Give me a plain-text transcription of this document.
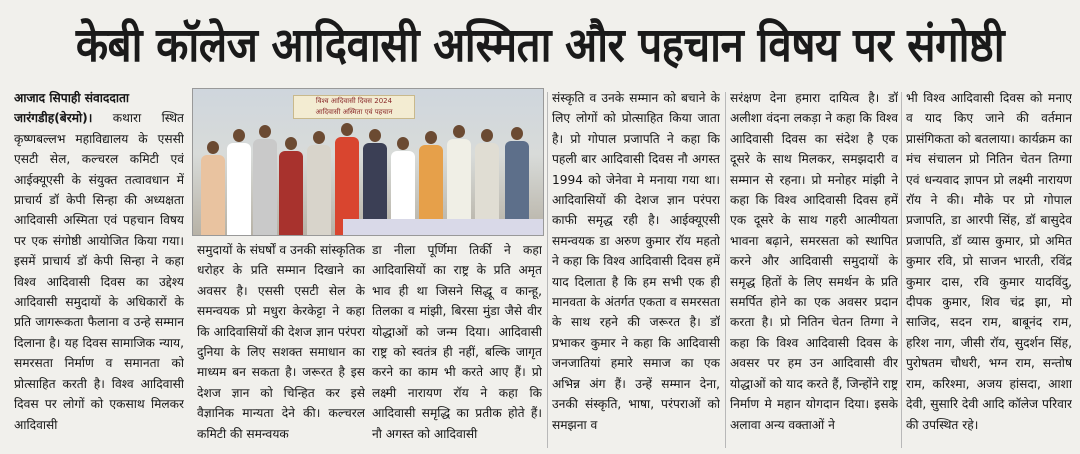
केबी कॉलेज आदिवासी अस्मिता और पहचान विषय पर संगोष्ठी

आजाद सिपाही संवाददाता
जारंगडीह(बेरमो)। कथारा स्थित कृष्णबल्लभ महाविद्यालय के एससी एसटी सेल, कल्चरल कमिटी एवं आईक्यूएसी के संयुक्त तत्वावधान में प्राचार्य डॉ केपी सिन्हा की अध्यक्षता आदिवासी अस्मिता एवं पहचान विषय पर एक संगोष्ठी आयोजित किया गया। इसमें प्राचार्य डॉ केपी सिन्हा ने कहा विश्व आदिवासी दिवस का उद्देश्य आदिवासी समुदायों के अधिकारों के प्रति जागरूकता फैलाना व उन्हे सम्मान दिलाना है। यह दिवस सामाजिक न्याय, समरसता निर्माण व समानता को प्रोत्साहित करती है। विश्व आदिवासी दिवस पर लोगों को एकसाथ मिलकर आदिवासी

विश्व आदिवासी दिवस 2024
आदिवासी अस्मिता एवं पहचान

समुदायों के संघर्षों व उनकी सांस्कृतिक धरोहर के प्रति सम्मान दिखाने का अवसर है। एससी एसटी सेल के समन्वयक प्रो मधुरा केरकेट्टा ने कहा कि आदिवासियों की देशज ज्ञान परंपरा दुनिया के लिए सशक्त समाधान का माध्यम बन सकता है। जरूरत है इस देशज ज्ञान को चिन्हित कर इसे वैज्ञानिक मान्यता देने की। कल्चरल कमिटी की समन्वयक

डा नीला पूर्णिमा तिर्की ने कहा आदिवासियों का राष्ट्र के प्रति अमृत भाव ही था जिसने सिद्धू व कान्हू, तिलका व मांझी, बिरसा मुंडा जैसे वीर योद्धाओं को जन्म दिया। आदिवासी राष्ट्र को स्वतंत्र ही नहीं, बल्कि जागृत करने का काम भी करते आए हैं। प्रो लक्ष्मी नारायण रॉय ने कहा कि आदिवासी समृद्धि का प्रतीक होते हैं। नौ अगस्त को आदिवासी

संस्कृति व उनके सम्मान को बचाने के लिए लोगों को प्रोत्साहित किया जाता है। प्रो गोपाल प्रजापति ने कहा कि पहली बार आदिवासी दिवस नौ अगस्त 1994 को जेनेवा मे मनाया गया था। आदिवासियों की देशज ज्ञान परंपरा काफी समृद्ध रही है। आईक्यूएसी समन्वयक डा अरुण कुमार रॉय महतो ने कहा कि विश्व आदिवासी दिवस हमें याद दिलाता है कि हम सभी एक ही मानवता के अंतर्गत एकता व समरसता के साथ रहने की जरूरत है। डॉ प्रभाकर कुमार ने कहा कि आदिवासी जनजातियां हमारे समाज का एक अभिन्न अंग हैं। उन्हें सम्मान देना, उनकी संस्कृति, भाषा, परंपराओं को समझना व

सरंक्षण देना हमारा दायित्व है। डॉ अलीशा वंदना लकड़ा ने कहा कि विश्व आदिवासी दिवस का संदेश है एक दूसरे के साथ मिलकर, समझदारी व सम्मान से रहना। प्रो मनोहर मांझी ने कहा कि विश्व आदिवासी दिवस हमें एक दूसरे के साथ गहरी आत्मीयता भावना बढ़ाने, समरसता को स्थापित करने और आदिवासी समुदायों के समृद्ध हितों के लिए समर्थन के प्रति समर्पित होने का एक अवसर प्रदान करता है। प्रो नितिन चेतन तिग्गा ने कहा कि विश्व आदिवासी दिवस के अवसर पर हम उन आदिवासी वीर योद्धाओं को याद करते हैं, जिन्होंने राष्ट्र निर्माण मे महान योगदान दिया। इसके अलावा अन्य वक्ताओं ने

भी विश्व आदिवासी दिवस को मनाए व याद किए जाने की वर्तमान प्रासंगिकता को बतलाया। कार्यक्रम का मंच संचालन प्रो नितिन चेतन तिग्गा एवं धन्यवाद ज्ञापन प्रो लक्ष्मी नारायण रॉय ने की। मौके पर प्रो गोपाल प्रजापति, डा आरपी सिंह, डॉ बासुदेव प्रजापति, डॉ व्यास कुमार, प्रो अमित कुमार रवि, प्रो साजन भारती, रविंद्र कुमार दास, रवि कुमार यादविंदु, दीपक कुमार, शिव चंद्र झा, मो साजिद, सदन राम, बाबूनंद राम, हरिश नाग, जीसी रॉय, सुदर्शन सिंह, पुरोषतम चौधरी, भग्न राम, सन्तोष राम, करिश्मा, अजय हांसदा, आशा देवी, सुसारि देवी आदि कॉलेज परिवार की उपस्थित रहे।
